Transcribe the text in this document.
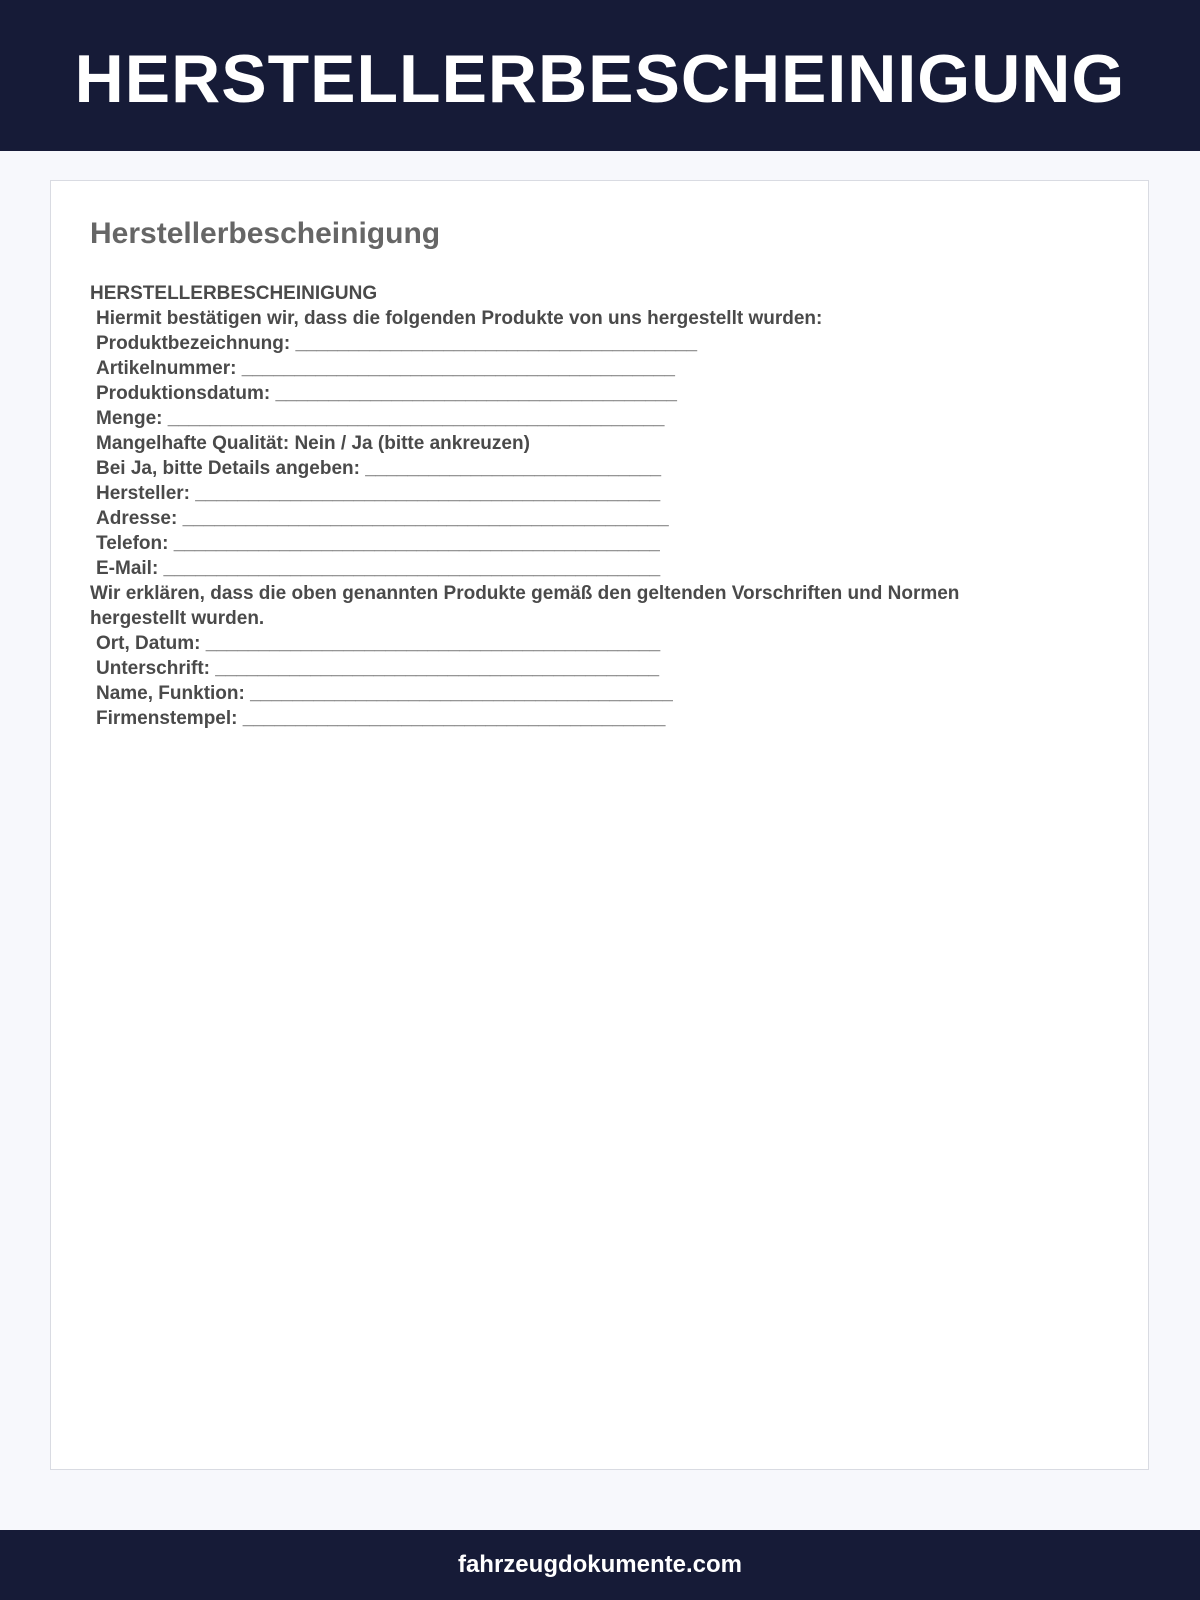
HERSTELLERBESCHEINIGUNG
Herstellerbescheinigung
HERSTELLERBESCHEINIGUNG
Hiermit bestätigen wir, dass die folgenden Produkte von uns hergestellt wurden:
Produktbezeichnung: ______________________________________
Artikelnummer: _________________________________________
Produktionsdatum: ______________________________________
Menge: _______________________________________________
Mangelhafte Qualität: Nein / Ja (bitte ankreuzen)
Bei Ja, bitte Details angeben: ____________________________
Hersteller: ____________________________________________
Adresse: ______________________________________________
Telefon: ______________________________________________
E-Mail: _______________________________________________
Wir erklären, dass die oben genannten Produkte gemäß den geltenden Vorschriften und Normen hergestellt wurden.
Ort, Datum: ___________________________________________
Unterschrift: __________________________________________
Name, Funktion: ________________________________________
Firmenstempel: ________________________________________
fahrzeugdokumente.com
